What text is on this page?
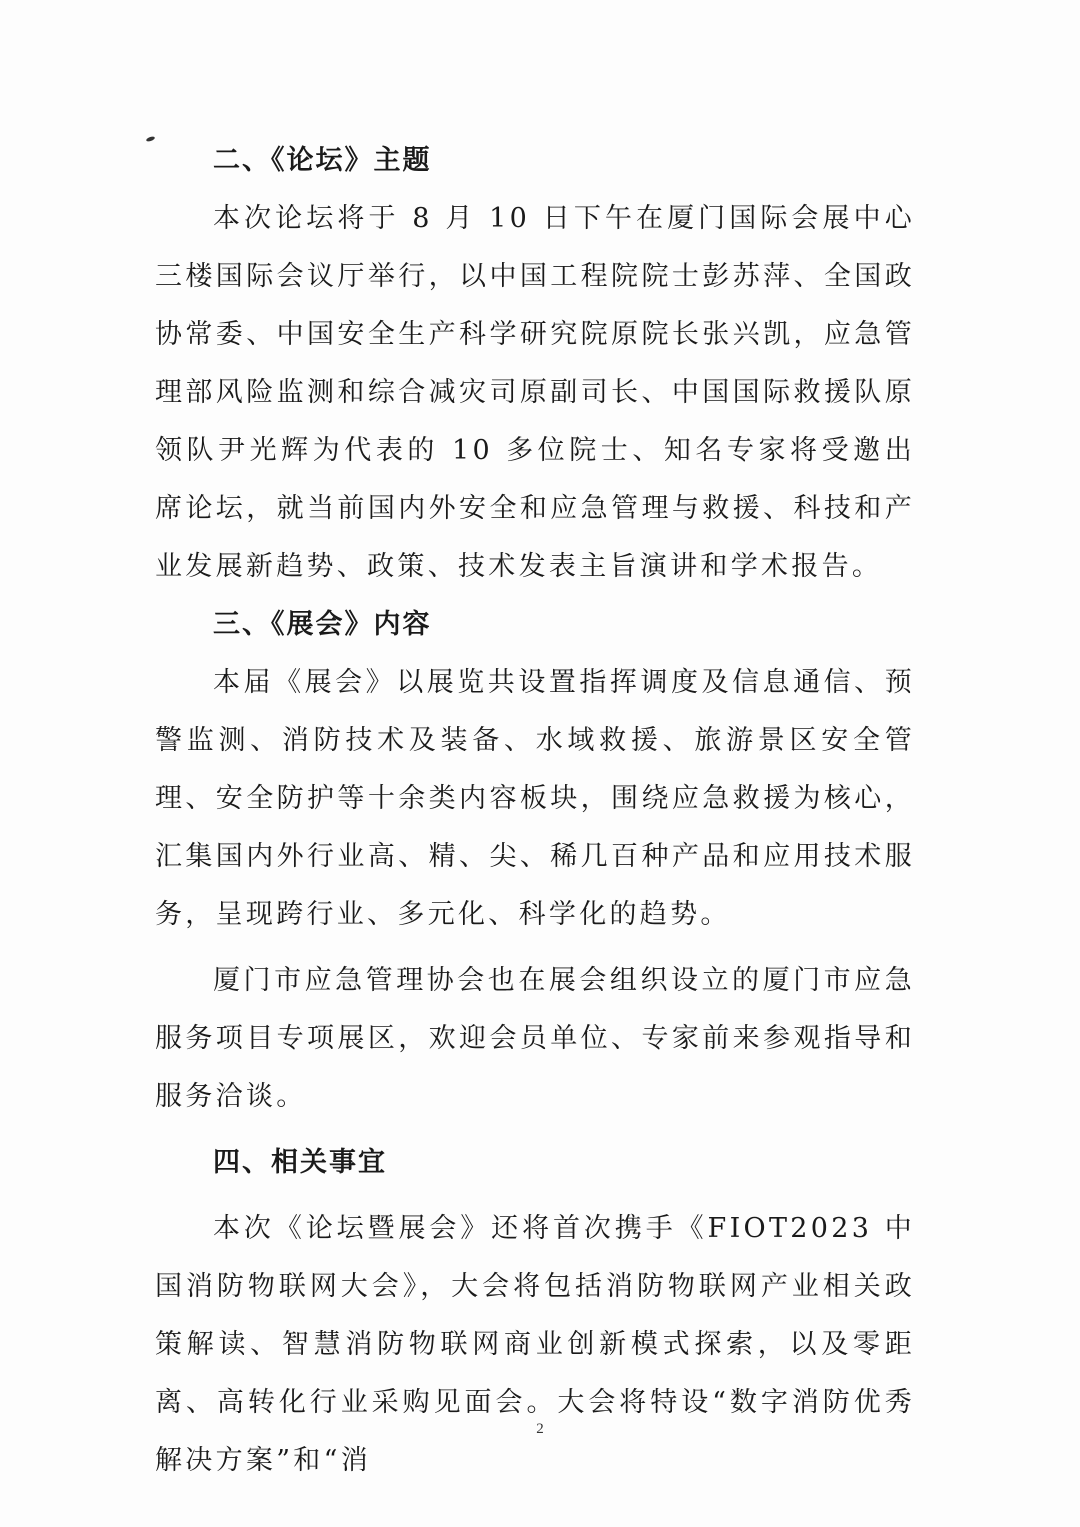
二、《论坛》主题

本次论坛将于 8 月 10 日下午在厦门国际会展中心三楼国际会议厅举行，以中国工程院院士彭苏萍、全国政协常委、中国安全生产科学研究院原院长张兴凯，应急管理部风险监测和综合减灾司原副司长、中国国际救援队原领队尹光辉为代表的 10 多位院士、知名专家将受邀出席论坛，就当前国内外安全和应急管理与救援、科技和产业发展新趋势、政策、技术发表主旨演讲和学术报告。

三、《展会》内容

本届《展会》以展览共设置指挥调度及信息通信、预警监测、消防技术及装备、水域救援、旅游景区安全管理、安全防护等十余类内容板块，围绕应急救援为核心，汇集国内外行业高、精、尖、稀几百种产品和应用技术服务，呈现跨行业、多元化、科学化的趋势。

厦门市应急管理协会也在展会组织设立的厦门市应急服务项目专项展区，欢迎会员单位、专家前来参观指导和服务洽谈。

四、相关事宜

本次《论坛暨展会》还将首次携手《FIOT2023 中国消防物联网大会》，大会将包括消防物联网产业相关政策解读、智慧消防物联网商业创新模式探索，以及零距离、高转化行业采购见面会。大会将特设“数字消防优秀解决方案”和“消

2
